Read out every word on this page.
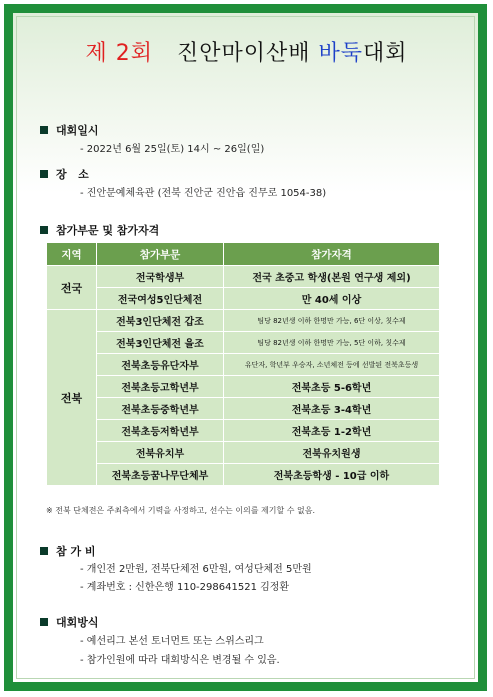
제 2회 진안마이산배 바둑대회
대회일시
- 2022년 6월 25일(토) 14시 ~ 26일(일)
장   소
- 진안문예체육관 (전북 진안군 진안읍 진무로 1054-38)
참가부문 및 참가자격
지역	참가부문	참가자격
전국	전국학생부	전국 초중고 학생(본원 연구생 제외)
	전국여성5인단체전	만 40세 이상
전북	전북3인단체전 갑조	팀당 82년생 이하 한명만 가능, 6단 이상, 칫수제
	전북3인단체전 을조	팀당 82년생 이하 한명만 가능, 5단 이하, 칫수제
	전북초등유단자부	유단자, 학년부 우승자, 소년체전 등에 선발된 전북초등생
	전북초등고학년부	전북초등 5-6학년
	전북초등중학년부	전북초등 3-4학년
	전북초등저학년부	전북초등 1-2학년
	전북유치부	전북유치원생
	전북초등꿈나무단체부	전북초등학생 - 10급 이하
※ 전북 단체전은 주최측에서 기력을 사정하고, 선수는 이의를 제기할 수 없음.
참 가 비
- 개인전 2만원, 전북단체전 6만원, 여성단체전 5만원
- 계좌번호 : 신한은행 110-298641521 김정환
대회방식
- 예선리그 본선 토너먼트 또는 스위스리그
- 참가인원에 따라 대회방식은 변경될 수 있음.
